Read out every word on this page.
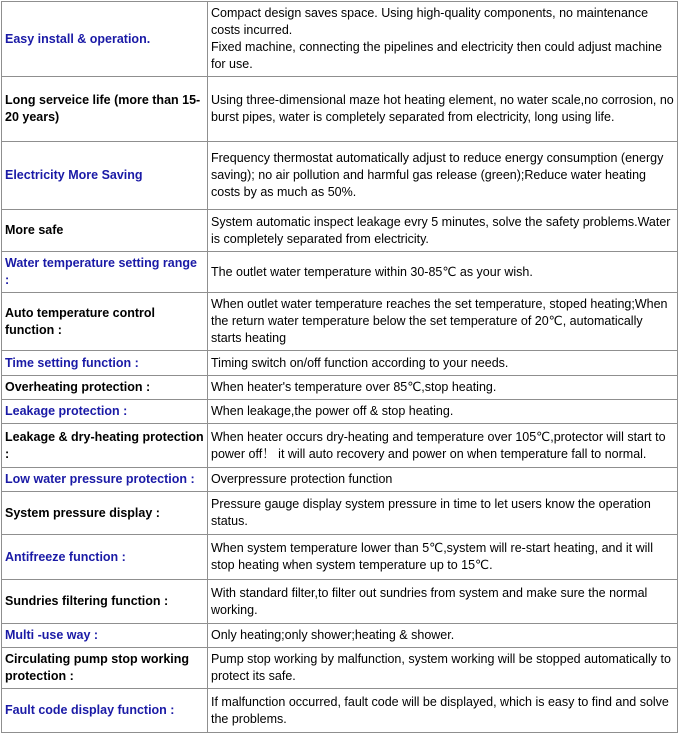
Easy install & operation.	Compact design saves space. Using high-quality components, no maintenance costs incurred.
Fixed machine, connecting the pipelines and electricity then could adjust machine for use.
Long serveice life (more than 15-20 years)	Using three-dimensional maze hot heating element, no water scale,no corrosion, no burst pipes, water is completely separated from electricity, long using life.
Electricity More Saving	Frequency thermostat automatically adjust to reduce energy consumption (energy saving); no air pollution and harmful gas release (green);Reduce water heating costs by as much as 50%.
More safe	System automatic inspect leakage evry 5 minutes, solve the safety problems.Water is completely separated from electricity.
Water temperature setting range :	The outlet water temperature within 30-85℃ as your wish.
Auto temperature control function :	When outlet water temperature reaches the set temperature, stoped heating;When the return water temperature below the set temperature of 20℃, automatically starts heating
Time setting function :	Timing switch on/off function according to your needs.
Overheating protection :	When heater's temperature over 85℃,stop heating.
Leakage protection :	When leakage,the power off & stop heating.
Leakage & dry-heating protection :	When heater occurs dry-heating and temperature over 105℃,protector will start to power off！ it will auto recovery and power on when temperature fall to normal.
Low water pressure protection :	Overpressure protection function
System pressure display :	Pressure gauge display system pressure in time to let users know the operation status.
Antifreeze function :	When system temperature lower than 5℃,system will re-start heating, and it will stop heating when system temperature up to 15℃.
Sundries filtering function :	With standard filter,to filter out sundries from system and make sure the normal working.
Multi -use way :	Only heating;only shower;heating & shower.
Circulating pump stop working protection :	Pump stop working by malfunction, system working will be stopped automatically to protect its safe.
Fault code display function :	If malfunction occurred, fault code will be displayed, which is easy to find and solve the problems.
